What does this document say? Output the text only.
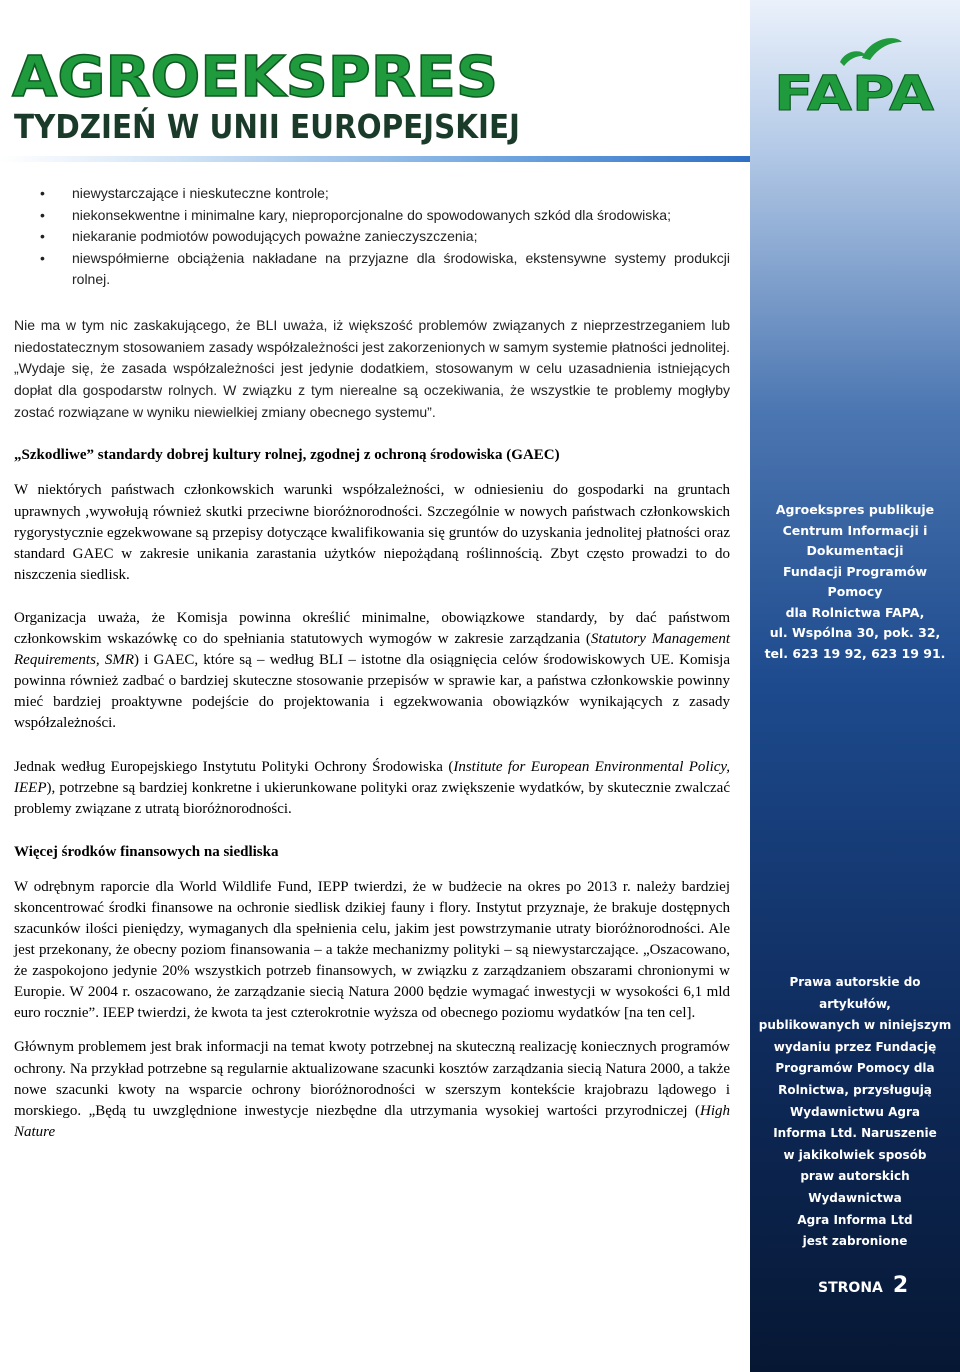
AGROEKSPRES
TYDZIEŃ W UNII EUROPEJSKIEJ
FAPA
Agroekspres publikuje
Centrum Informacji i Dokumentacji
Fundacji Programów Pomocy
dla Rolnictwa FAPA,
ul. Wspólna 30, pok. 32,
tel. 623 19 92, 623 19 91.
Prawa autorskie do artykułów,
publikowanych w niniejszym
wydaniu przez Fundację
Programów Pomocy dla
Rolnictwa, przysługują
Wydawnictwu Agra
Informa Ltd. Naruszenie
w jakikolwiek sposób
praw autorskich Wydawnictwa
Agra Informa Ltd
jest zabronione
STRONA 2
• niewystarczające i nieskuteczne kontrole;
• niekonsekwentne i minimalne kary, nieproporcjonalne do spowodowanych szkód dla środowiska;
• niekaranie podmiotów powodujących poważne zanieczyszczenia;
• niewspółmierne obciążenia nakładane na przyjazne dla środowiska, ekstensywne systemy produkcji rolnej.

Nie ma w tym nic zaskakującego, że BLI uważa, iż większość problemów związanych z nieprzestrzeganiem lub niedostatecznym stosowaniem zasady współzależności jest zakorzenionych w samym systemie płatności jednolitej. „Wydaje się, że zasada współzależności jest jedynie dodatkiem, stosowanym w celu uzasadnienia istniejących dopłat dla gospodarstw rolnych. W związku z tym nierealne są oczekiwania, że wszystkie te problemy mogłyby zostać rozwiązane w wyniku niewielkiej zmiany obecnego systemu”.

„Szkodliwe” standardy dobrej kultury rolnej, zgodnej z ochroną środowiska (GAEC)

W niektórych państwach członkowskich warunki współzależności, w odniesieniu do gospodarki na gruntach uprawnych ,wywołują również skutki przeciwne bioróżnorodności. Szczególnie w nowych państwach członkowskich rygorystycznie egzekwowane są przepisy dotyczące kwalifikowania się gruntów do uzyskania jednolitej płatności oraz standard GAEC w zakresie unikania zarastania użytków niepożądaną roślinnością. Zbyt często prowadzi to do niszczenia siedlisk.

Organizacja uważa, że Komisja powinna określić minimalne, obowiązkowe standardy, by dać państwom członkowskim wskazówkę co do spełniania statutowych wymogów w zakresie zarządzania (Statutory Management Requirements, SMR) i GAEC, które są – według BLI – istotne dla osiągnięcia celów środowiskowych UE. Komisja powinna również zadbać o bardziej skuteczne stosowanie przepisów w sprawie kar, a państwa członkowskie powinny mieć bardziej proaktywne podejście do projektowania i egzekwowania obowiązków wynikających z zasady współzależności.

Jednak według Europejskiego Instytutu Polityki Ochrony Środowiska (Institute for European Environmental Policy, IEEP), potrzebne są bardziej konkretne i ukierunkowane polityki oraz zwiększenie wydatków, by skutecznie zwalczać problemy związane z utratą bioróżnorodności.

Więcej środków finansowych na siedliska

W odrębnym raporcie dla World Wildlife Fund, IEPP twierdzi, że w budżecie na okres po 2013 r. należy bardziej skoncentrować środki finansowe na ochronie siedlisk dzikiej fauny i flory. Instytut przyznaje, że brakuje dostępnych szacunków ilości pieniędzy, wymaganych dla spełnienia celu, jakim jest powstrzymanie utraty bioróżnorodności. Ale jest przekonany, że obecny poziom finansowania – a także mechanizmy polityki – są niewystarczające. „Oszacowano, że zaspokojono jedynie 20% wszystkich potrzeb finansowych, w związku z zarządzaniem obszarami chronionymi w Europie. W 2004 r. oszacowano, że zarządzanie siecią Natura 2000 będzie wymagać inwestycji w wysokości 6,1 mld euro rocznie”. IEEP twierdzi, że kwota ta jest czterokrotnie wyższa od obecnego poziomu wydatków [na ten cel].

Głównym problemem jest brak informacji na temat kwoty potrzebnej na skuteczną realizację koniecznych programów ochrony. Na przykład potrzebne są regularnie aktualizowane szacunki kosztów zarządzania siecią Natura 2000, a także nowe szacunki kwoty na wsparcie ochrony bioróżnorodności w szerszym kontekście krajobrazu lądowego i morskiego. „Będą tu uwzględnione inwestycje niezbędne dla utrzymania wysokiej wartości przyrodniczej (High Nature
